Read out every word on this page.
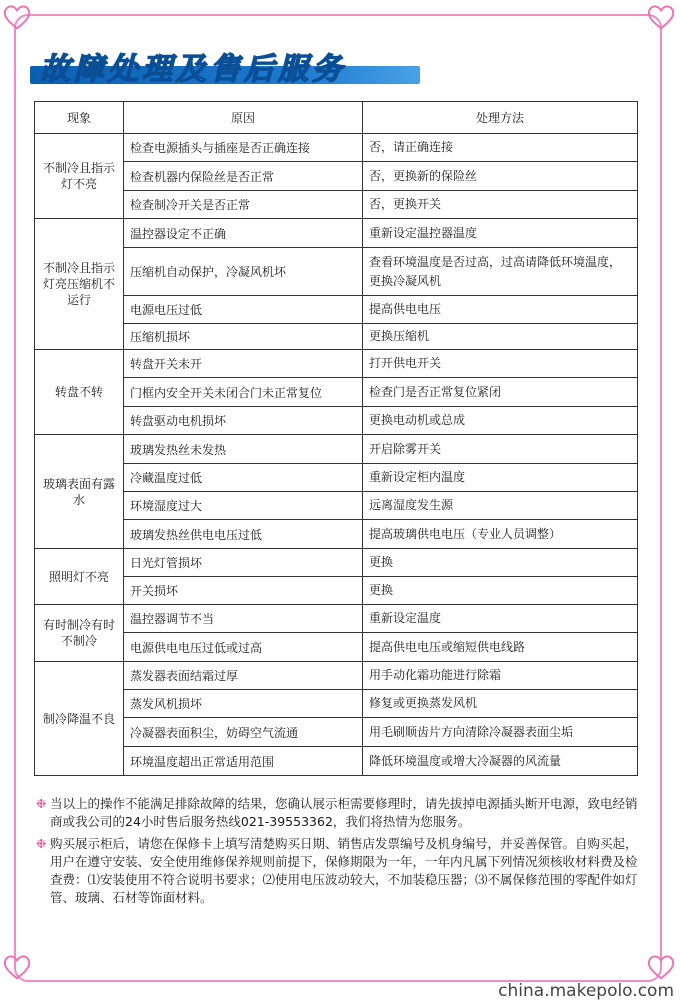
故障处理及售后服务
现象	原因	处理方法
不制冷且指示灯不亮	检查电源插头与插座是否正确连接	否，请正确连接
	检查机器内保险丝是否正常	否，更换新的保险丝
	检查制冷开关是否正常	否，更换开关
不制冷且指示灯亮压缩机不运行	温控器设定不正确	重新设定温控器温度
	压缩机自动保护，冷凝风机坏	查看环境温度是否过高，过高请降低环境温度，更换冷凝风机
	电源电压过低	提高供电电压
	压缩机损坏	更换压缩机
转盘不转	转盘开关未开	打开供电开关
	门框内安全开关未闭合门未正常复位	检查门是否正常复位紧闭
	转盘驱动电机损坏	更换电动机或总成
玻璃表面有露水	玻璃发热丝未发热	开启除雾开关
	冷藏温度过低	重新设定柜内温度
	环境湿度过大	远离湿度发生源
	玻璃发热丝供电电压过低	提高玻璃供电电压（专业人员调整）
照明灯不亮	日光灯管损坏	更换
	开关损坏	更换
有时制冷有时不制冷	温控器调节不当	重新设定温度
	电源供电电压过低或过高	提高供电电压或缩短供电线路
制冷降温不良	蒸发器表面结霜过厚	用手动化霜功能进行除霜
	蒸发风机损坏	修复或更换蒸发风机
	冷凝器表面积尘，妨碍空气流通	用毛刷顺齿片方向清除冷凝器表面尘垢
	环境温度超出正常适用范围	降低环境温度或增大冷凝器的风流量

❉ 当以上的操作不能满足排除故障的结果，您确认展示柜需要修理时，请先拔掉电源插头断开电源，致电经销商或我公司的24小时售后服务热线021-39553362，我们将热情为您服务。

❉ 购买展示柜后，请您在保修卡上填写清楚购买日期、销售店发票编号及机身编号，并妥善保管。自购买起，用户在遵守安装、安全使用维修保养规则前提下，保修期限为一年，一年内凡属下列情况须核收材料费及检查费：⑴安装使用不符合说明书要求；⑵使用电压波动较大，不加装稳压器；⑶不属保修范围的零配件如灯管、玻璃、石材等饰面材料。

china.makepolo.com
